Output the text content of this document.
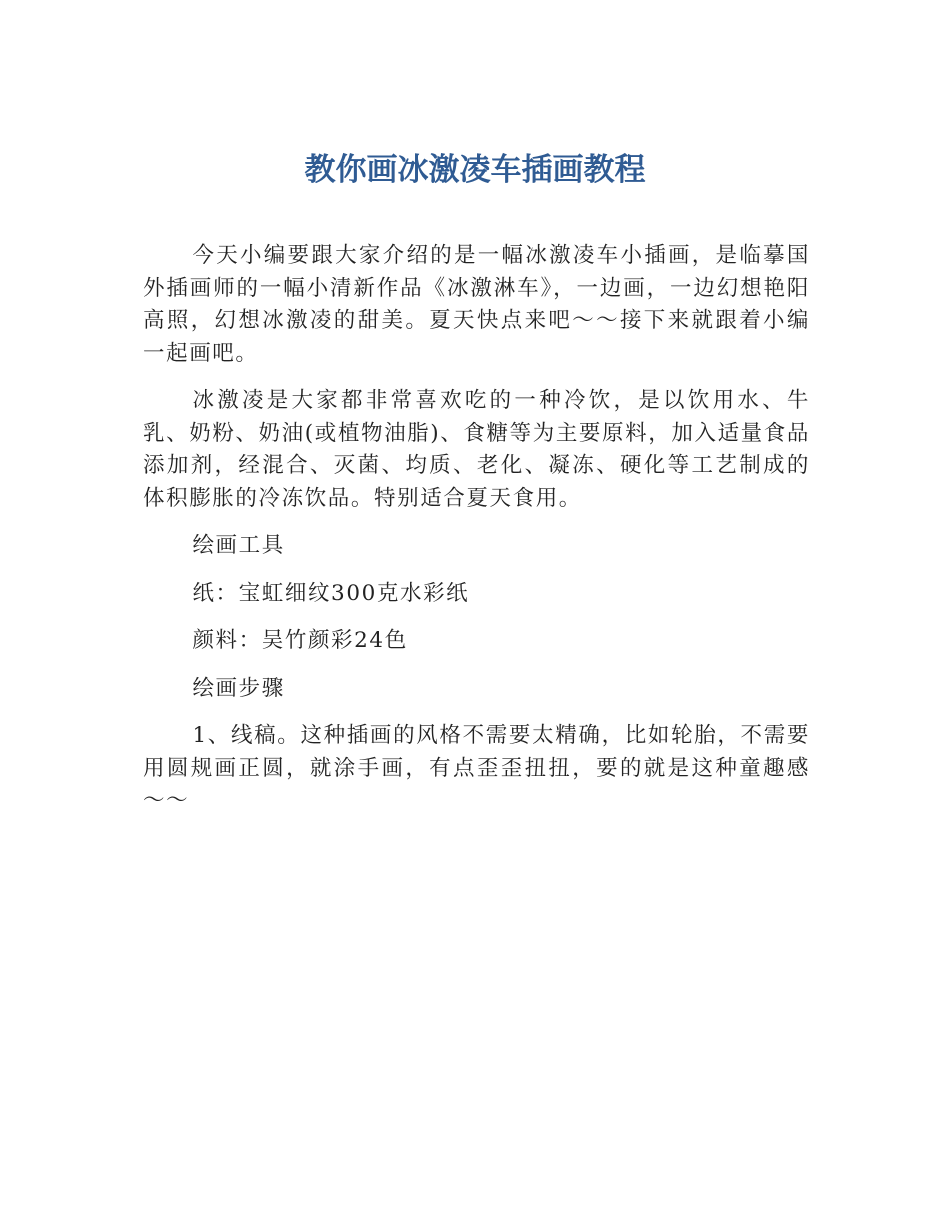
教你画冰激凌车插画教程

今天小编要跟大家介绍的是一幅冰激凌车小插画，是临摹国外插画师的一幅小清新作品《冰激淋车》，一边画，一边幻想艳阳高照，幻想冰激凌的甜美。夏天快点来吧～～接下来就跟着小编一起画吧。

冰激凌是大家都非常喜欢吃的一种冷饮，是以饮用水、牛乳、奶粉、奶油(或植物油脂)、食糖等为主要原料，加入适量食品添加剂，经混合、灭菌、均质、老化、凝冻、硬化等工艺制成的体积膨胀的冷冻饮品。特别适合夏天食用。

绘画工具

纸：宝虹细纹300克水彩纸

颜料：吴竹颜彩24色

绘画步骤

1、线稿。这种插画的风格不需要太精确，比如轮胎，不需要用圆规画正圆，就涂手画，有点歪歪扭扭，要的就是这种童趣感～～
